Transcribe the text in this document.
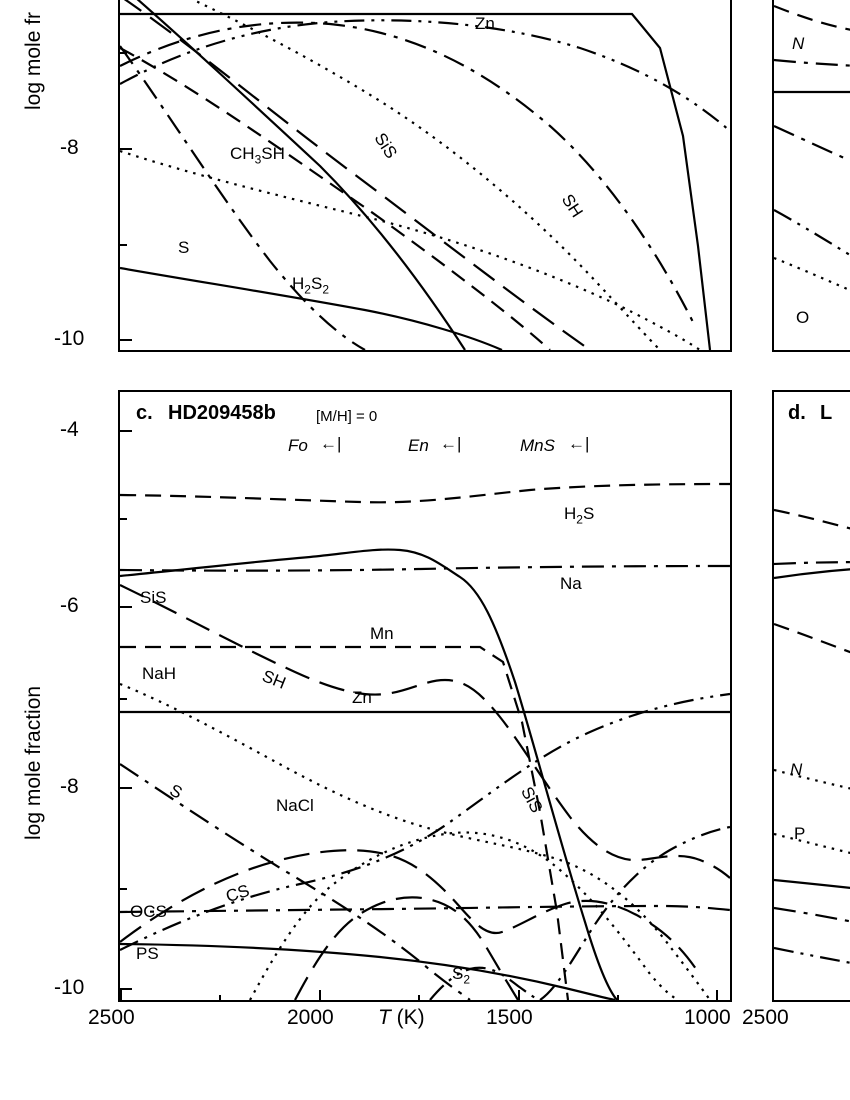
log mole fr
log mole fraction
-8
-10
-4
-6
-8
-10
Zn
$CH_3SH$	SiS
SH
S
$H_2S_2$
N
O
c. HD209458b	[M/H] = 0
Fo ←|	En ←|	MnS ←|
$H_2S$
Na
SiS
Mn
NaH	SH
Zn
S
NaCl	SiS
OCS
CS
PS
$S_2$
d. L
N
P
2500	2000	1500	1000 2500
T (K)
